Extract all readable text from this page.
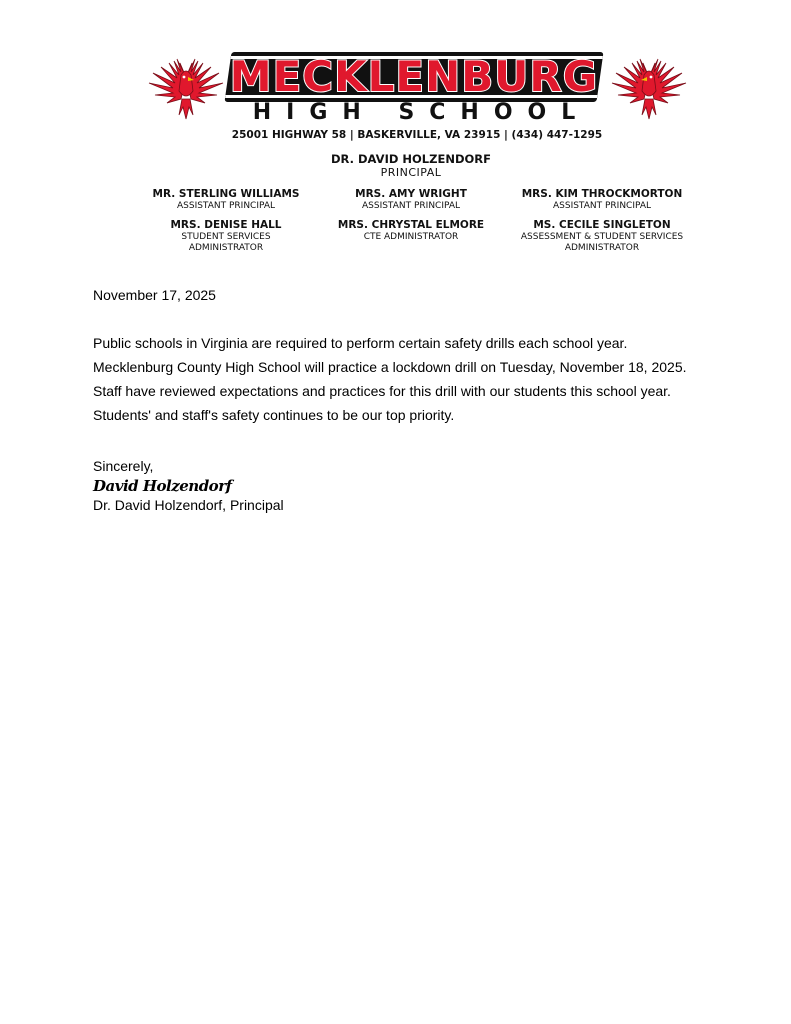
MECKLENBURG
HIGH SCHOOL
25001 HIGHWAY 58 | BASKERVILLE, VA 23915 | (434) 447-1295
DR. DAVID HOLZENDORF
PRINCIPAL
MR. STERLING WILLIAMS
ASSISTANT PRINCIPAL
MRS. AMY WRIGHT
ASSISTANT PRINCIPAL
MRS. KIM THROCKMORTON
ASSISTANT PRINCIPAL
MRS. DENISE HALL
STUDENT SERVICES
ADMINISTRATOR
MRS. CHRYSTAL ELMORE
CTE ADMINISTRATOR
MS. CECILE SINGLETON
ASSESSMENT & STUDENT SERVICES
ADMINISTRATOR
November 17, 2025
Public schools in Virginia are required to perform certain safety drills each school year.
Mecklenburg County High School will practice a lockdown drill on Tuesday, November 18, 2025.
Staff have reviewed expectations and practices for this drill with our students this school year.
Students' and staff's safety continues to be our top priority.
Sincerely,
David Holzendorf
Dr. David Holzendorf, Principal
